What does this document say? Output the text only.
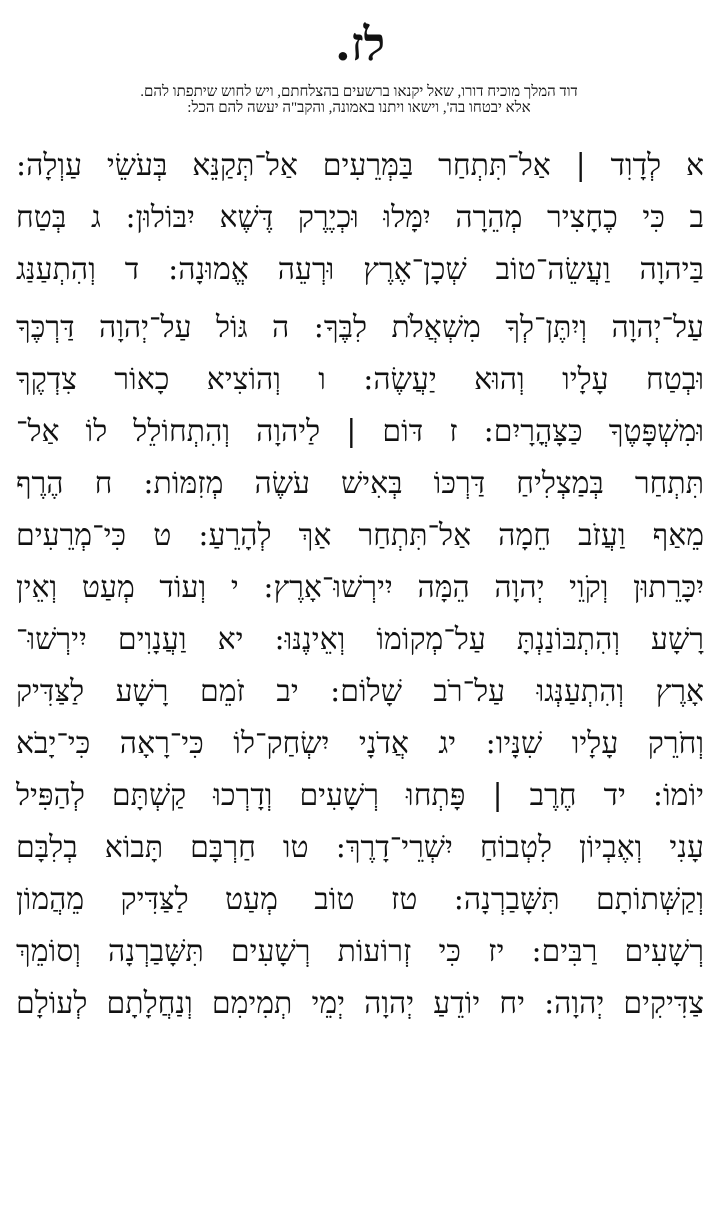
לז.
דוד המלך מוכיח דורו, שאל יקנאו ברשעים בהצלחתם, ויש לחוש שיתפתו להם.
אלא יבטחו בה', וישאו ויתנו באמונה, והקב"ה יעשה להם הכל:
א לְדָוִד | אַל־תִּתְחַר בַּמְּרֵעִים אַל־תְּקַנֵּא בְּעֹשֵׂי עַוְלָה:
ב כִּי כֶחָצִיר מְהֵרָה יִמָּלוּ וּכְיֶרֶק דֶּשֶׁא יִבּוֹלוּן: ג בְּטַח
בַּיהוָה וַעֲשֵׂה־טוֹב שְׁכָן־אֶרֶץ וּרְעֵה אֱמוּנָה: ד וְהִתְעַנַּג
עַל־יְהוָה וְיִתֶּן־לְךָ מִשְׁאֲלֹת לִבֶּךָ: ה גּוֹל עַל־יְהוָה דַּרְכֶּךָ
וּבְטַח עָלָיו וְהוּא יַעֲשֶׂה: ו וְהוֹצִיא כָאוֹר צִדְקֶךָ
וּמִשְׁפָּטֶךָ כַּצָּהֳרָיִם: ז דּוֹם | לַיהוָה וְהִתְחוֹלֵל לוֹ אַל־
תִּתְחַר בְּמַצְלִיחַ דַּרְכּוֹ בְּאִישׁ עֹשֶׂה מְזִמּוֹת: ח הֶרֶף
מֵאַף וַעֲזֹב חֵמָה אַל־תִּתְחַר אַךְ לְהָרֵעַ: ט כִּי־מְרֵעִים
יִכָּרֵתוּן וְקֹוֵי יְהוָה הֵמָּה יִירְשׁוּ־אָרֶץ: י וְעוֹד מְעַט וְאֵין
רָשָׁע וְהִתְבּוֹנַנְתָּ עַל־מְקוֹמוֹ וְאֵינֶנּוּ: יא וַעֲנָוִים יִירְשׁוּ־
אָרֶץ וְהִתְעַנְּגוּ עַל־רֹב שָׁלוֹם: יב זֹמֵם רָשָׁע לַצַּדִּיק
וְחֹרֵק עָלָיו שִׁנָּיו: יג אֲדֹנָי יִשְׂחַק־לוֹ כִּי־רָאָה כִּי־יָבֹא
יוֹמוֹ: יד חֶרֶב | פָּתְחוּ רְשָׁעִים וְדָרְכוּ קַשְׁתָּם לְהַפִּיל
עָנִי וְאֶבְיוֹן לִטְבוֹחַ יִשְׁרֵי־דָרֶךְ: טו חַרְבָּם תָּבוֹא בְלִבָּם
וְקַשְּׁתוֹתָם תִּשָּׁבַרְנָה: טז טוֹב מְעַט לַצַּדִּיק מֵהֲמוֹן
רְשָׁעִים רַבִּים: יז כִּי זְרוֹעוֹת רְשָׁעִים תִּשָּׁבַרְנָה וְסוֹמֵךְ
צַדִּיקִים יְהוָה: יח יוֹדֵעַ יְהוָה יְמֵי תְמִימִם וְנַחֲלָתָם לְעוֹלָם
